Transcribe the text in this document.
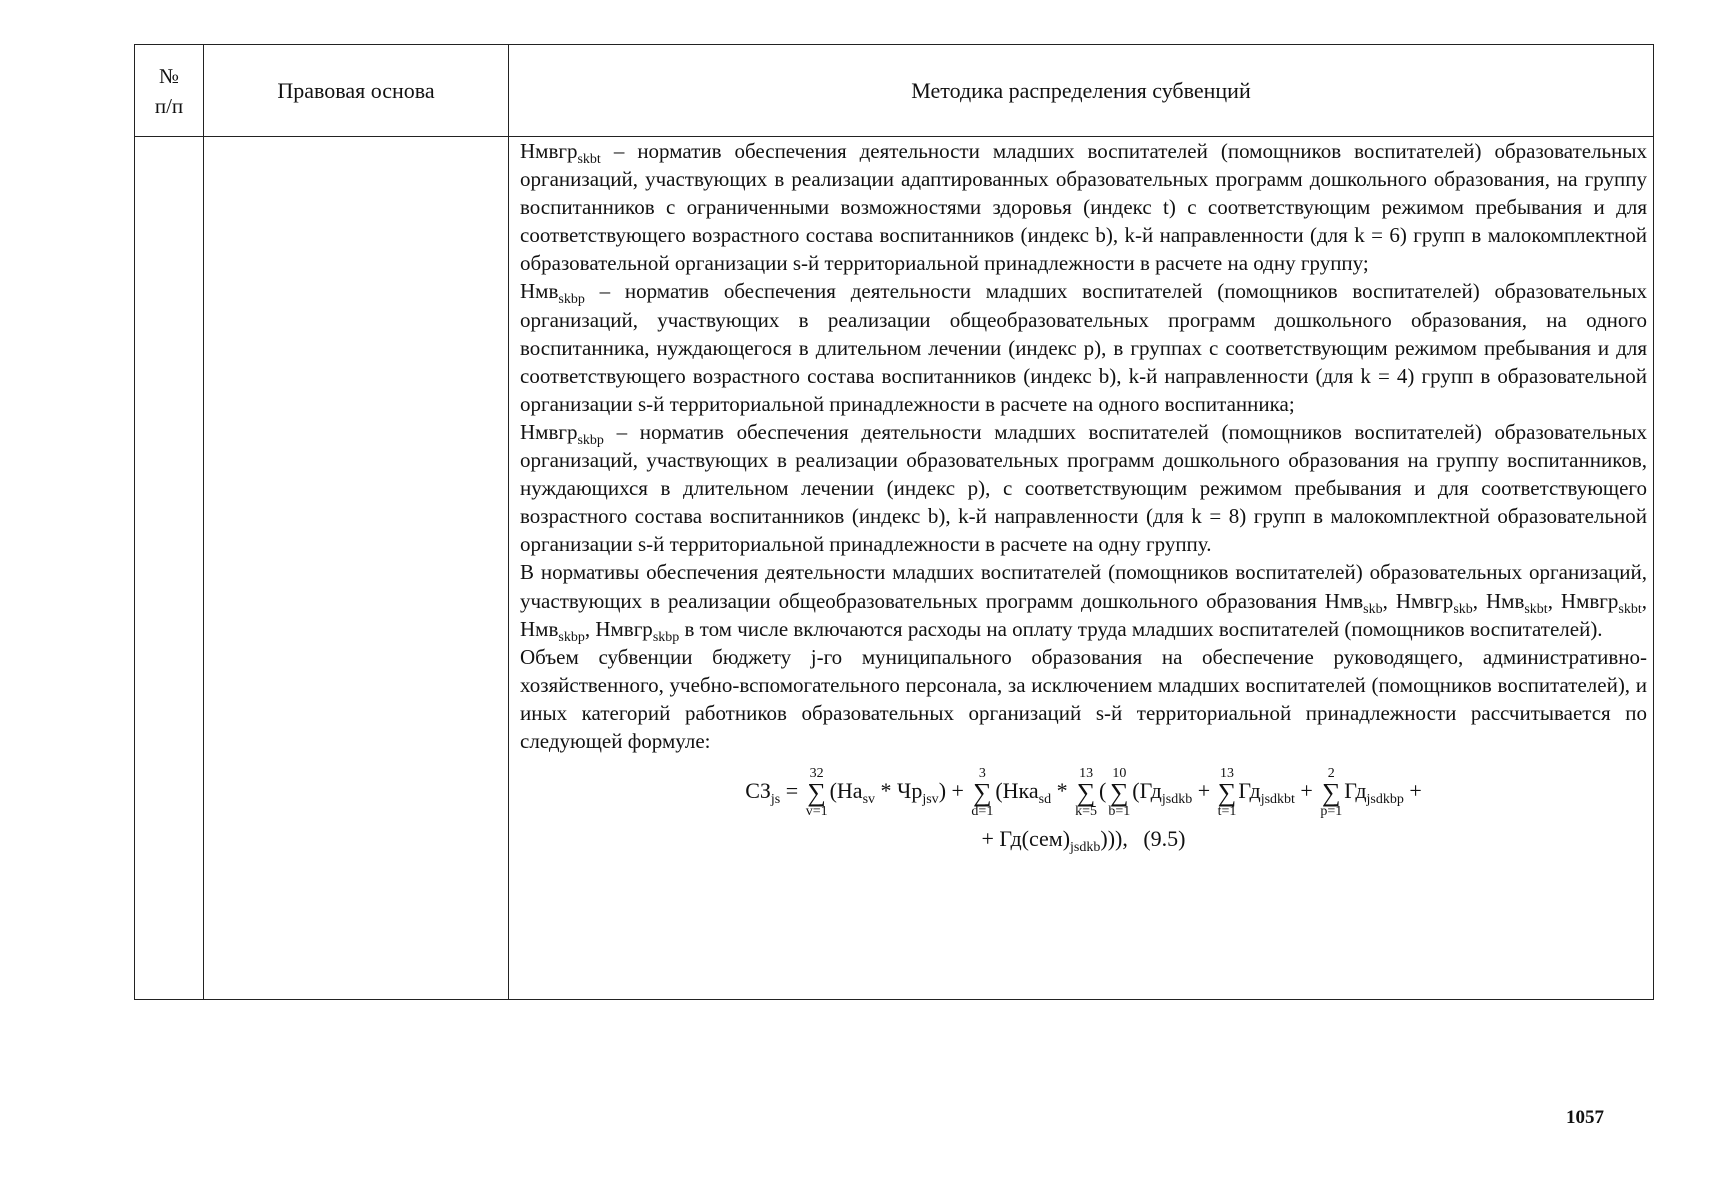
№
п/п
Правовая основа	Методика распределения субвенций

Нмвгр$_{skbt}$ – норматив обеспечения деятельности младших воспитателей (помощников воспитателей) образовательных организаций, участвующих в реализации адаптированных образовательных программ дошкольного образования, на группу воспитанников с ограниченными возможностями здоровья (индекс t) с соответствующим режимом пребывания и для соответствующего возрастного состава воспитанников (индекс b), k-й направленности (для k = 6) групп в малокомплектной образовательной организации s-й территориальной принадлежности в расчете на одну группу;

Нмв$_{skbp}$ – норматив обеспечения деятельности младших воспитателей (помощников воспитателей) образовательных организаций, участвующих в реализации общеобразовательных программ дошкольного образования, на одного воспитанника, нуждающегося в длительном лечении (индекс p), в группах с соответствующим режимом пребывания и для соответствующего возрастного состава воспитанников (индекс b), k-й направленности (для k = 4) групп в образовательной организации s-й территориальной принадлежности в расчете на одного воспитанника;

Нмвгр$_{skbp}$ – норматив обеспечения деятельности младших воспитателей (помощников воспитателей) образовательных организаций, участвующих в реализации образовательных программ дошкольного образования на группу воспитанников, нуждающихся в длительном лечении (индекс p), с соответствующим режимом пребывания и для соответствующего возрастного состава воспитанников (индекс b), k-й направленности (для k = 8) групп в малокомплектной образовательной организации s-й территориальной принадлежности в расчете на одну группу.

В нормативы обеспечения деятельности младших воспитателей (помощников воспитателей) образовательных организаций, участвующих в реализации общеобразовательных программ дошкольного образования Нмв$_{skb}$, Нмвгр$_{skb}$, Нмв$_{skbt}$, Нмвгр$_{skbt}$, Нмв$_{skbp}$, Нмвгр$_{skbp}$ в том числе включаются расходы на оплату труда младших воспитателей (помощников воспитателей).

Объем субвенции бюджету j-го муниципального образования на обеспечение руководящего, административно-хозяйственного, учебно-вспомогательного персонала, за исключением младших воспитателей (помощников воспитателей), и иных категорий работников образовательных организаций s-й территориальной принадлежности рассчитывается по следующей формуле:

$СЗ_{js}$ =
32
∑
v=1
$(На_{sv} * Чр_{jsv})$ +
3
∑
d=1
(Нка$_{sd}$ *
13
∑
k=5
(
10
∑
b=1
($Гд_{jsdkb}$ +
13
∑
t=1
$Гд_{jsdkbt}$ +
2
∑
p=1
$Гд_{jsdkbp}$ +
+ $Гд(сем)_{jsdkb}$))), (9.5)
1057
